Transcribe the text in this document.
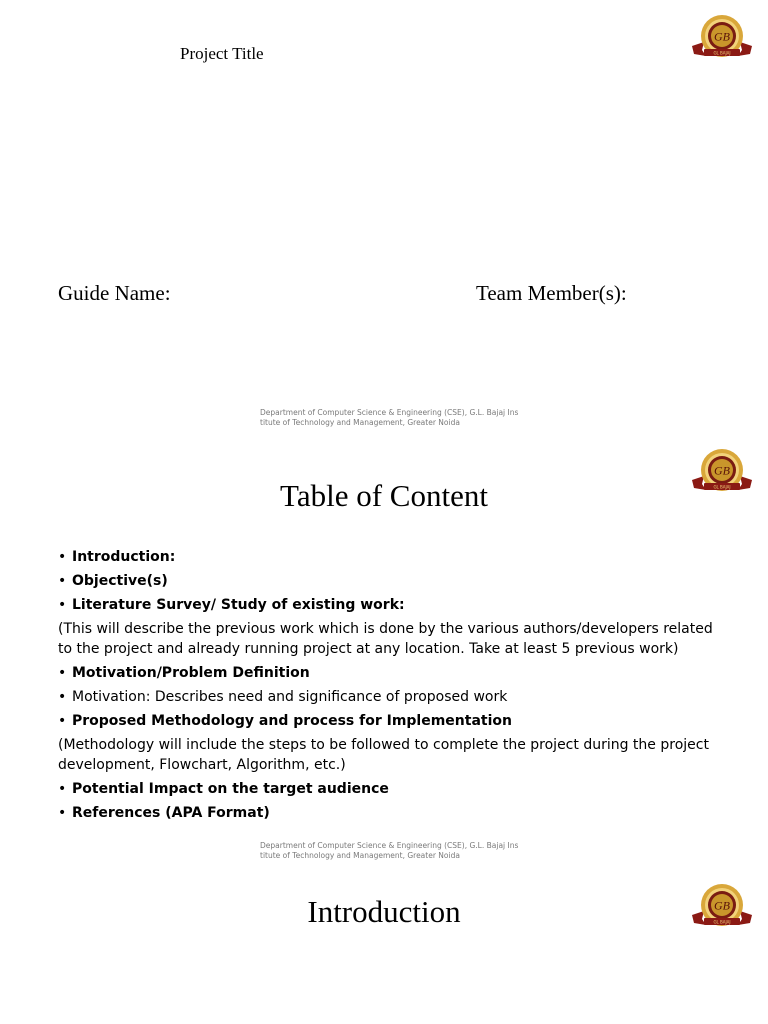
Project Title
GB
GL BAJAJ
Guide Name:	Team Member(s):
Department of Computer Science & Engineering (CSE), G.L. Bajaj Institute of Technology and Management, Greater Noida
GB
GL BAJAJ
Table of Content
• Introduction:
• Objective(s)
• Literature Survey/ Study of existing work:
(This will describe the previous work which is done by the various authors/developers related to the project and already running project at any location. Take at least 5 previous work)
• Motivation/Problem Definition
• Motivation: Describes need and significance of proposed work
• Proposed Methodology and process for Implementation
(Methodology will include the steps to be followed to complete the project during the project development, Flowchart, Algorithm, etc.)
• Potential Impact on the target audience
• References (APA Format)
Department of Computer Science & Engineering (CSE), G.L. Bajaj Institute of Technology and Management, Greater Noida
GB
GL BAJAJ
Introduction
